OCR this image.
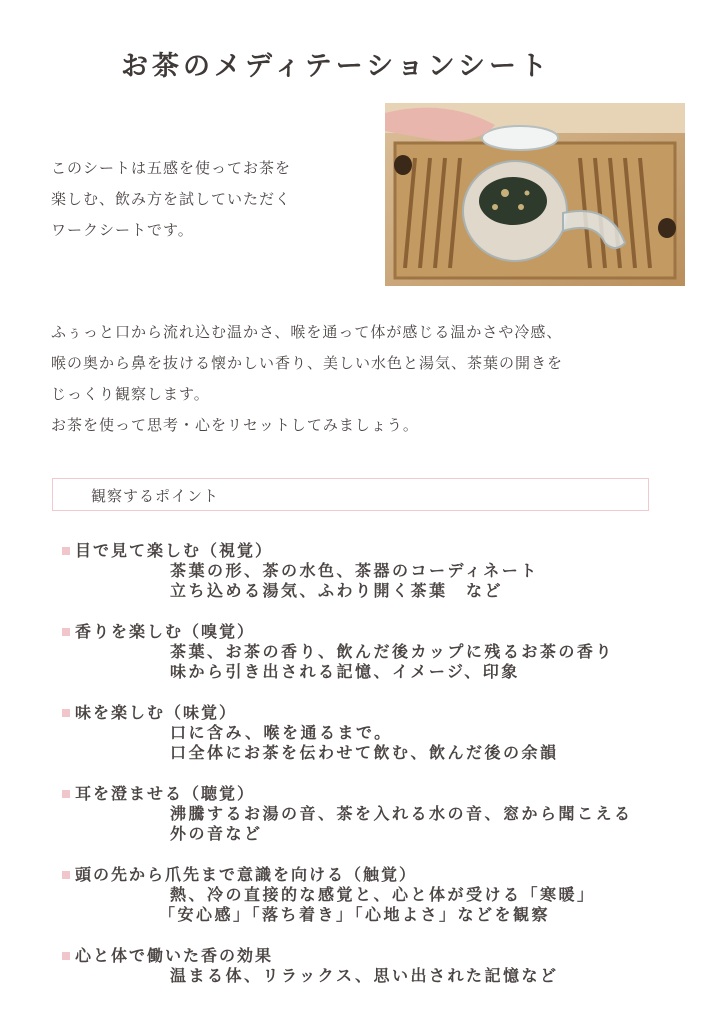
お茶のメディテーションシート
このシートは五感を使ってお茶を
楽しむ、飲み方を試していただく
ワークシートです。
ふぅっと口から流れ込む温かさ、喉を通って体が感じる温かさや冷感、
喉の奥から鼻を抜ける懐かしい香り、美しい水色と湯気、茶葉の開きを
じっくり観察します。
お茶を使って思考・心をリセットしてみましょう。
観察するポイント
目で見て楽しむ（視覚）
茶葉の形、茶の水色、茶器のコーディネート
立ち込める湯気、ふわり開く茶葉　など
香りを楽しむ（嗅覚）
茶葉、お茶の香り、飲んだ後カップに残るお茶の香り
味から引き出される記憶、イメージ、印象
味を楽しむ（味覚）
口に含み、喉を通るまで。
口全体にお茶を伝わせて飲む、飲んだ後の余韻
耳を澄ませる（聴覚）
沸騰するお湯の音、茶を入れる水の音、窓から聞こえる
外の音など
頭の先から爪先まで意識を向ける（触覚）
熱、冷の直接的な感覚と、心と体が受ける「寒暖」
「安心感」「落ち着き」「心地よさ」などを観察
心と体で働いた香の効果
温まる体、リラックス、思い出された記憶など
